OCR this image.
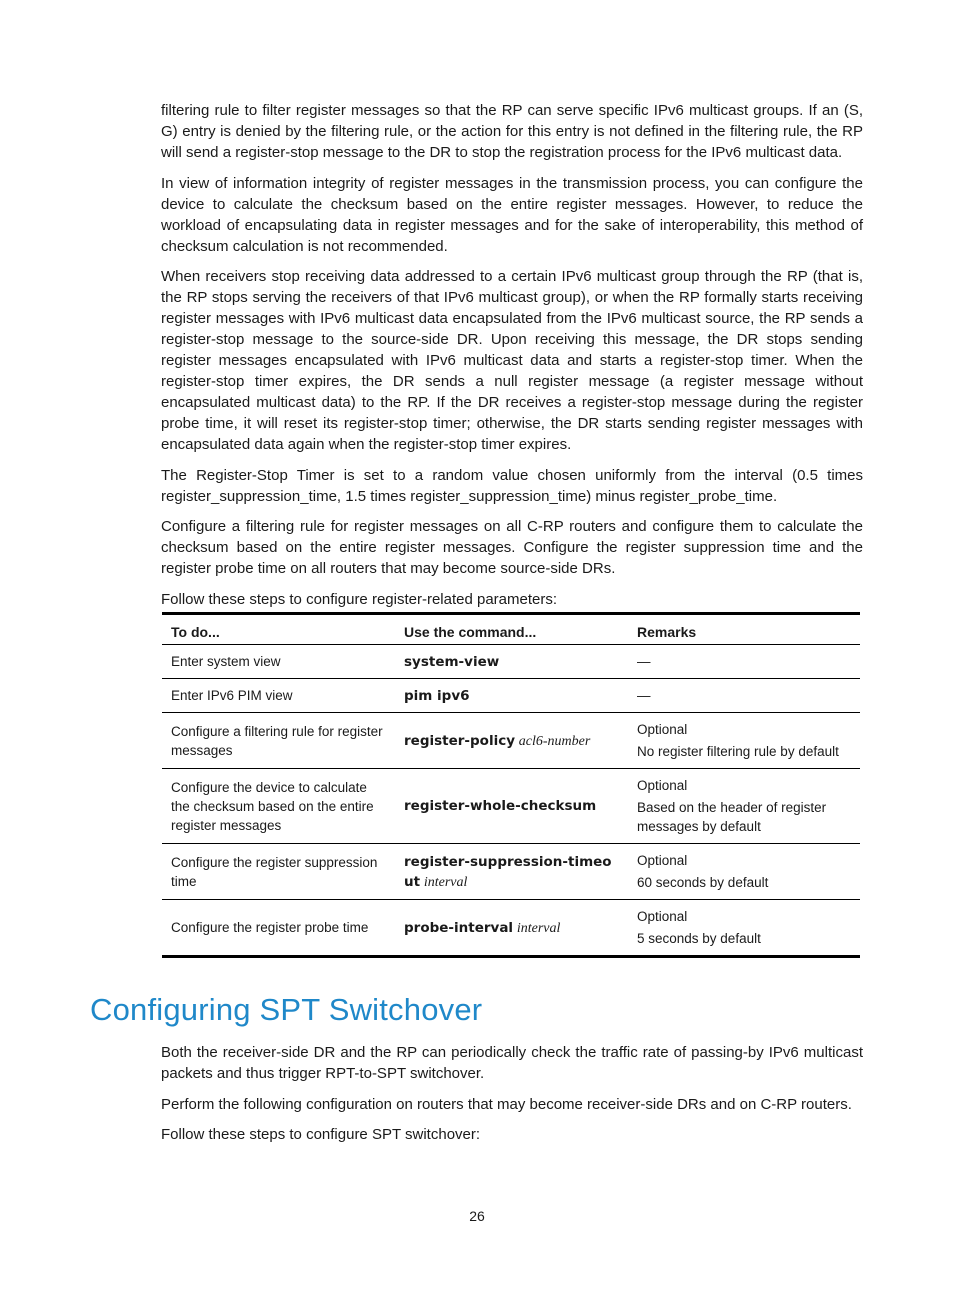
filtering rule to filter register messages so that the RP can serve specific IPv6 multicast groups. If an (S, G) entry is denied by the filtering rule, or the action for this entry is not defined in the filtering rule, the RP will send a register-stop message to the DR to stop the registration process for the IPv6 multicast data.

In view of information integrity of register messages in the transmission process, you can configure the device to calculate the checksum based on the entire register messages. However, to reduce the workload of encapsulating data in register messages and for the sake of interoperability, this method of checksum calculation is not recommended.

When receivers stop receiving data addressed to a certain IPv6 multicast group through the RP (that is, the RP stops serving the receivers of that IPv6 multicast group), or when the RP formally starts receiving register messages with IPv6 multicast data encapsulated from the IPv6 multicast source, the RP sends a register-stop message to the source-side DR. Upon receiving this message, the DR stops sending register messages encapsulated with IPv6 multicast data and starts a register-stop timer. When the register-stop timer expires, the DR sends a null register message (a register message without encapsulated multicast data) to the RP. If the DR receives a register-stop message during the register probe time, it will reset its register-stop timer; otherwise, the DR starts sending register messages with encapsulated data again when the register-stop timer expires.

The Register-Stop Timer is set to a random value chosen uniformly from the interval (0.5 times register_suppression_time, 1.5 times register_suppression_time) minus register_probe_time.

Configure a filtering rule for register messages on all C-RP routers and configure them to calculate the checksum based on the entire register messages. Configure the register suppression time and the register probe time on all routers that may become source-side DRs.

Follow these steps to configure register-related parameters:

To do...	Use the command...	Remarks
Enter system view	system-view	—

Enter IPv6 PIM view	pim ipv6	—

Configure a filtering rule for register messages	register-policy acl6-number	Optional
No register filtering rule by default

Configure the device to calculate the checksum based on the entire register messages	register-whole-checksum	Optional
Based on the header of register messages by default

Configure the register suppression time	register-suppression-timeout interval	Optional
60 seconds by default

Configure the register probe time	probe-interval interval	Optional
5 seconds by default
Configuring SPT Switchover

Both the receiver-side DR and the RP can periodically check the traffic rate of passing-by IPv6 multicast packets and thus trigger RPT-to-SPT switchover.

Perform the following configuration on routers that may become receiver-side DRs and on C-RP routers.

Follow these steps to configure SPT switchover:

26
